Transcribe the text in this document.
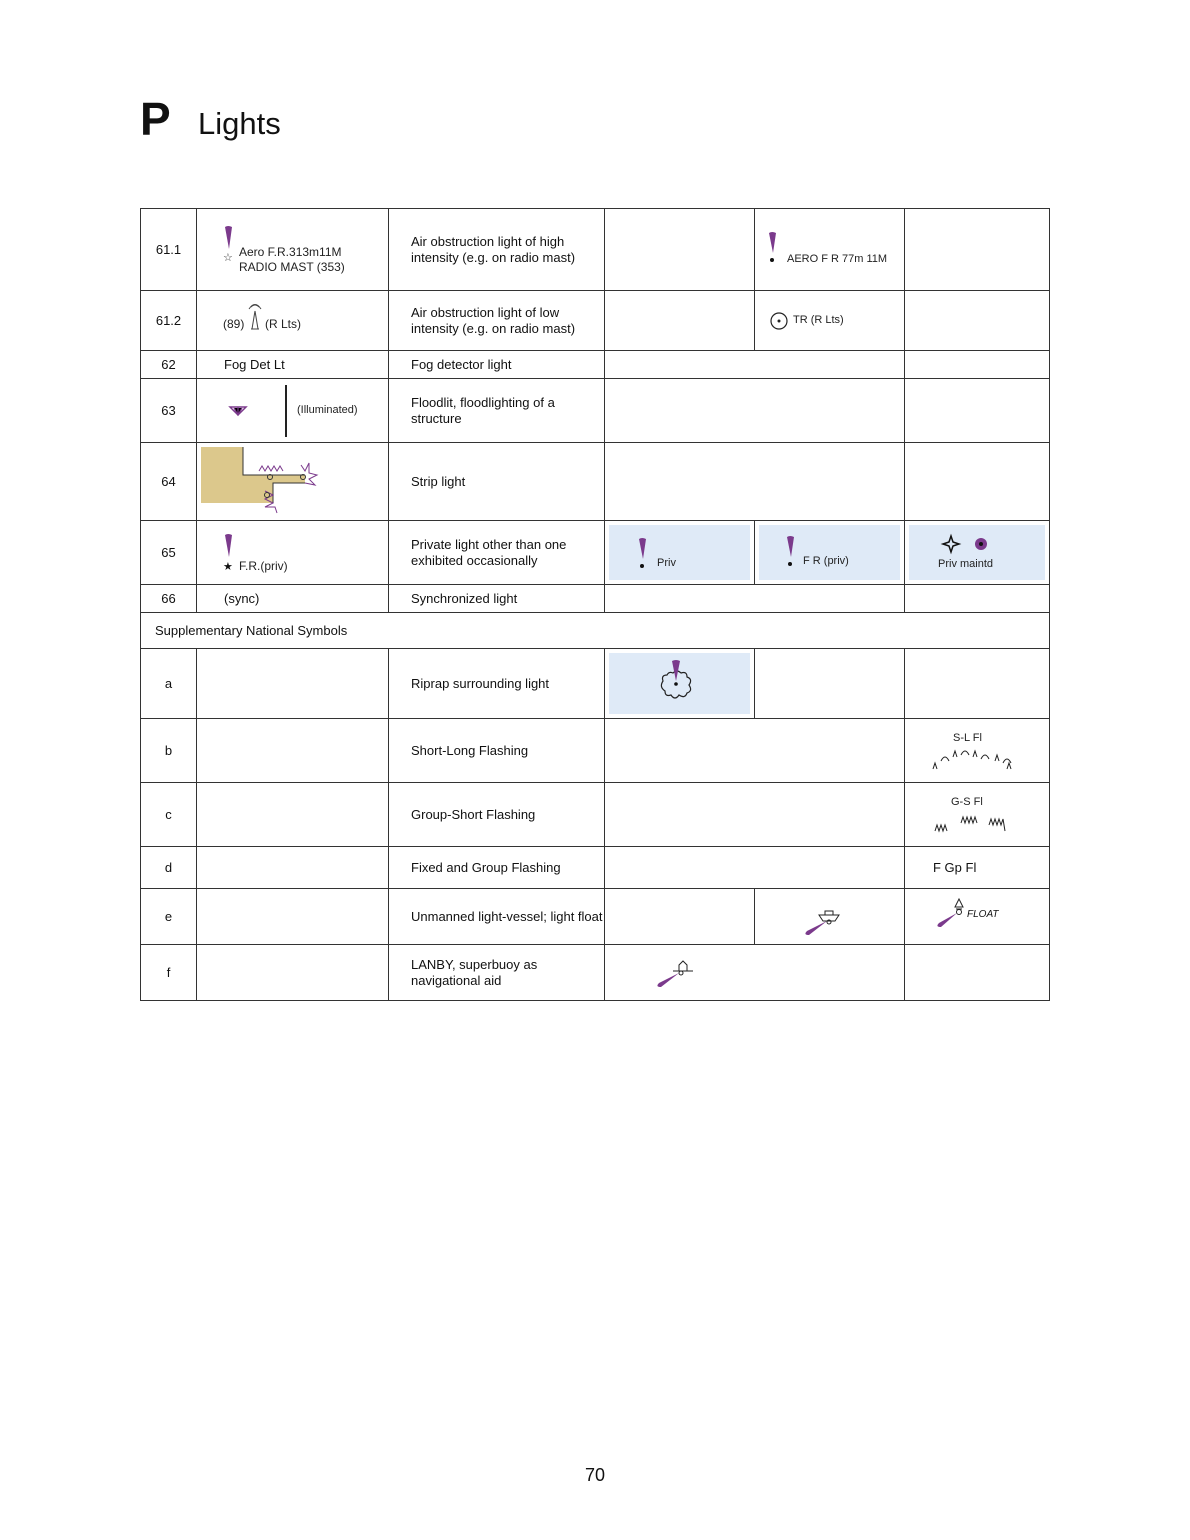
P Lights
61.1	☆ Aero F.R.313m11M
RADIO MAST (353)	Air obstruction light of high intensity (e.g. on radio mast)		AERO F R 77m 11M	

61.2	(89) (R Lts)	Air obstruction light of low intensity (e.g. on radio mast)		TR (R Lts)	

62	Fog Det Lt	Fog detector light			
63	(Illuminated)	Floodlit, floodlighting of a structure			
64		Strip light			
65	★ F.R.(priv)	Private light other than one exhibited occasionally	Priv	F R (priv)	Priv maintd

66	(sync)	Synchronized light			
Supplementary National Symbols					
a		Riprap surrounding light	

b		Short-Long Flashing			S-L Fl

c		Group-Short Flashing			G-S Fl

d		Fixed and Group Flashing			F Gp Fl
e		Unmanned light-vessel; light float			FLOAT

f		LANBY, superbuoy as navigational aid	

70
